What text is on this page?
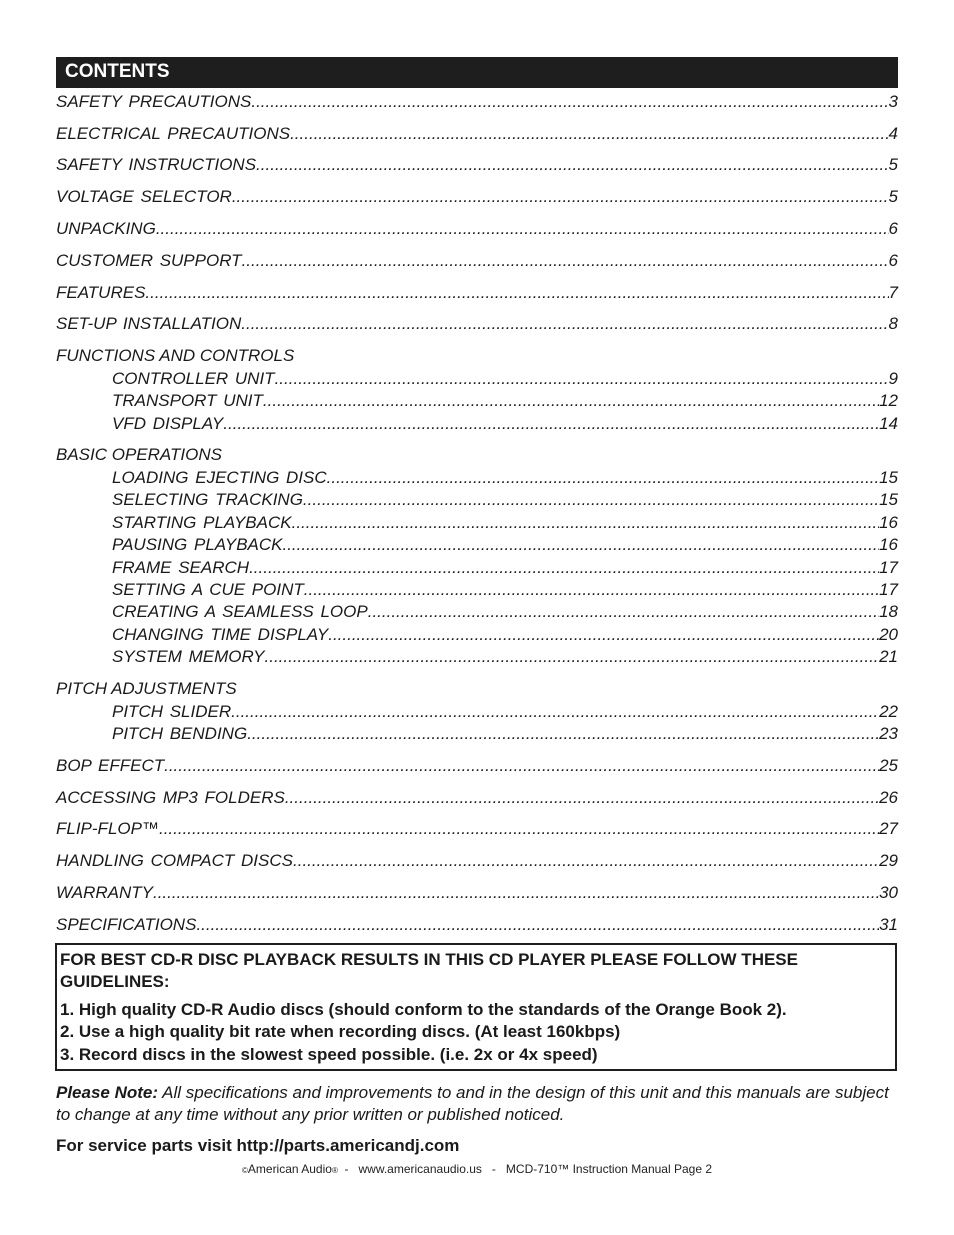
CONTENTS
SAFETY PRECAUTIONS .....	3
ELECTRICAL PRECAUTIONS .....	4
SAFETY INSTRUCTIONS .....	5
VOLTAGE SELECTOR .....	5
UNPACKING .....	6
CUSTOMER SUPPORT .....	6
FEATURES .....	7
SET-UP INSTALLATION .....	8
FUNCTIONS AND CONTROLS
CONTROLLER UNIT .....	9
TRANSPORT UNIT .....	12
VFD DISPLAY .....	14
BASIC OPERATIONS
LOADING EJECTING DISC .....	15
SELECTING TRACKING .....	15
STARTING PLAYBACK .....	16
PAUSING PLAYBACK .....	16
FRAME SEARCH .....	17
SETTING A CUE POINT .....	17
CREATING A SEAMLESS LOOP .....	18
CHANGING TIME DISPLAY .....	20
SYSTEM MEMORY .....	21
PITCH ADJUSTMENTS
PITCH SLIDER .....	22
PITCH BENDING .....	23
BOP EFFECT .....	25
ACCESSING MP3 FOLDERS .....	26
FLIP-FLOP™ .....	27
HANDLING COMPACT DISCS .....	29
WARRANTY .....	30
SPECIFICATIONS .....	31
FOR BEST CD-R DISC PLAYBACK RESULTS IN THIS CD PLAYER PLEASE FOLLOW THESE GUIDELINES:
1. High quality CD-R Audio discs (should conform to the standards of the Orange Book 2).
2. Use a high quality bit rate when recording discs. (At least 160kbps)
3. Record discs in the slowest speed possible. (i.e. 2x or 4x speed)
Please Note: All specifications and improvements to and in the design of this unit and this manuals are subject to change at any time without any prior written or published noticed.
For service parts visit http://parts.americandj.com
©American Audio®  -   www.americanaudio.us   -   MCD-710™ Instruction Manual Page 2
